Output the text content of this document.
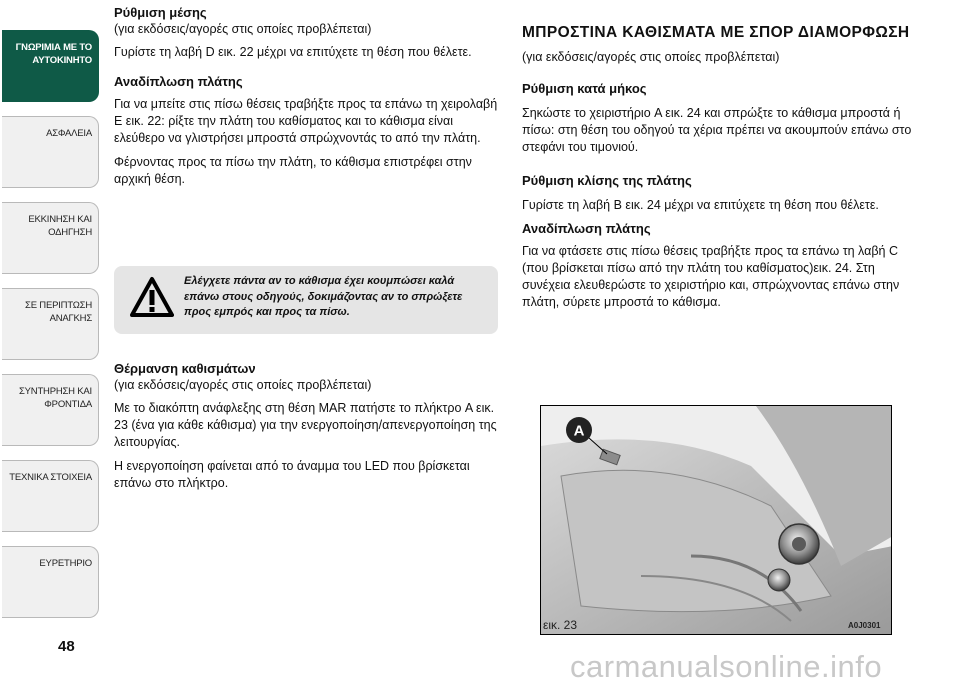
ΓΝΩΡΙΜΙΑ ΜΕ ΤΟ ΑΥΤΟΚΙΝΗΤΟ
ΑΣΦΑΛΕΙΑ
ΕΚΚΙΝΗΣΗ ΚΑΙ ΟΔΗΓΗΣΗ
ΣΕ ΠΕΡΙΠΤΩΣΗ ΑΝΑΓΚΗΣ
ΣΥΝΤΗΡΗΣΗ ΚΑΙ ΦΡΟΝΤΙΔΑ
ΤΕΧΝΙΚΑ ΣΤΟΙΧΕΙΑ
ΕΥΡΕΤΗΡΙΟ
48
Ρύθμιση μέσης

(για εκδόσεις/αγορές στις οποίες προβλέπεται)

Γυρίστε τη λαβή D εικ. 22 μέχρι να επιτύχετε τη θέση που θέλετε.

Αναδίπλωση πλάτης

Για να μπείτε στις πίσω θέσεις τραβήξτε προς τα επάνω τη χειρολαβή E εικ. 22: ρίξτε την πλάτη του καθίσματος και το κάθισμα είναι ελεύθερο να γλιστρήσει μπροστά σπρώχνοντάς το από την πλάτη.

Φέρνοντας προς τα πίσω την πλάτη, το κάθισμα επιστρέφει στην αρχική θέση.

Ελέγχετε πάντα αν το κάθισμα έχει κουμπώσει καλά επάνω στους οδηγούς, δοκιμάζοντας αν το σπρώξετε προς εμπρός και προς τα πίσω.
Θέρμανση καθισμάτων

(για εκδόσεις/αγορές στις οποίες προβλέπεται)

Με το διακόπτη ανάφλεξης στη θέση MAR πατήστε το πλήκτρο A εικ. 23 (ένα για κάθε κάθισμα) για την ενεργοποίηση/απενεργοποίηση της λειτουργίας.

Η ενεργοποίηση φαίνεται από το άναμμα του LED που βρίσκεται επάνω στο πλήκτρο.

ΜΠΡΟΣΤΙΝΑ ΚΑΘΙΣΜΑΤΑ ΜΕ ΣΠΟΡ ΔΙΑΜΟΡΦΩΣΗ

(για εκδόσεις/αγορές στις οποίες προβλέπεται)

Ρύθμιση κατά μήκος

Σηκώστε το χειριστήριο A εικ. 24 και σπρώξτε το κάθισμα μπροστά ή πίσω: στη θέση του οδηγού τα χέρια πρέπει να ακουμπούν επάνω στο στεφάνι του τιμονιού.

Ρύθμιση κλίσης της πλάτης

Γυρίστε τη λαβή B εικ. 24 μέχρι να επιτύχετε τη θέση που θέλετε.

Αναδίπλωση πλάτης

Για να φτάσετε στις πίσω θέσεις τραβήξτε προς τα επάνω τη λαβή C (που βρίσκεται πίσω από την πλάτη του καθίσματος)εικ. 24. Στη συνέχεια ελευθερώστε το χειριστήριο και, σπρώχνοντας επάνω στην πλάτη, σύρετε μπροστά το κάθισμα.

A
εικ. 23	A0J0301
carmanualsonline.info
